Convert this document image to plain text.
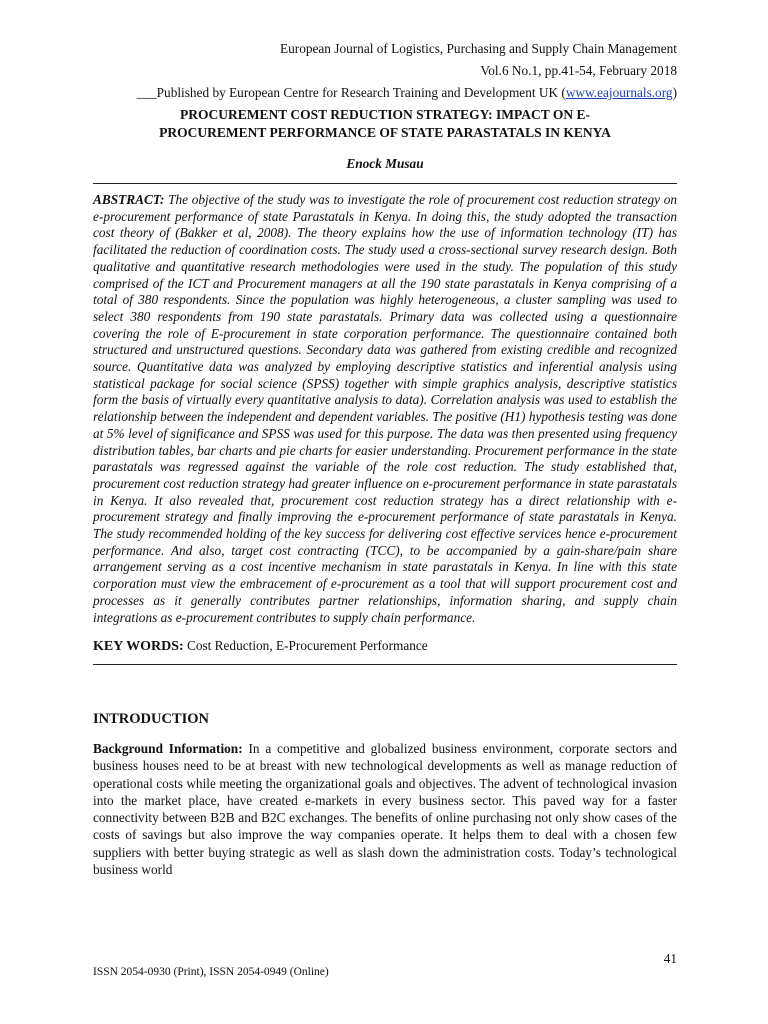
European Journal of Logistics, Purchasing and Supply Chain Management
Vol.6 No.1, pp.41-54, February 2018
___Published by European Centre for Research Training and Development UK (www.eajournals.org)
PROCUREMENT COST REDUCTION STRATEGY: IMPACT ON E-
PROCUREMENT PERFORMANCE OF STATE PARASTATALS IN KENYA
Enock Musau

ABSTRACT: The objective of the study was to investigate the role of procurement cost reduction strategy on e-procurement performance of state Parastatals in Kenya. In doing this, the study adopted the transaction cost theory of (Bakker et al, 2008). The theory explains how the use of information technology (IT) has facilitated the reduction of coordination costs. The study used a cross-sectional survey research design. Both qualitative and quantitative research methodologies were used in the study. The population of this study comprised of the ICT and Procurement managers at all the 190 state parastatals in Kenya comprising of a total of 380 respondents. Since the population was highly heterogeneous, a cluster sampling was used to select 380 respondents from 190 state parastatals. Primary data was collected using a questionnaire covering the role of E-procurement in state corporation performance. The questionnaire contained both structured and unstructured questions. Secondary data was gathered from existing credible and recognized source. Quantitative data was analyzed by employing descriptive statistics and inferential analysis using statistical package for social science (SPSS) together with simple graphics analysis, descriptive statistics form the basis of virtually every quantitative analysis to data). Correlation analysis was used to establish the relationship between the independent and dependent variables. The positive (H1) hypothesis testing was done at 5% level of significance and SPSS was used for this purpose. The data was then presented using frequency distribution tables, bar charts and pie charts for easier understanding. Procurement performance in the state parastatals was regressed against the variable of the role cost reduction. The study established that, procurement cost reduction strategy had greater influence on e-procurement performance in state parastatals in Kenya. It also revealed that, procurement cost reduction strategy has a direct relationship with e-procurement strategy and finally improving the e-procurement performance of state parastatals in Kenya. The study recommended holding of the key success for delivering cost effective services hence e-procurement performance. And also, target cost contracting (TCC), to be accompanied by a gain-share/pain share arrangement serving as a cost incentive mechanism in state parastatals in Kenya. In line with this state corporation must view the embracement of e-procurement as a tool that will support procurement cost and processes as it generally contributes partner relationships, information sharing, and supply chain integrations as e-procurement contributes to supply chain performance.

KEY WORDS: Cost Reduction, E-Procurement Performance
INTRODUCTION

Background Information: In a competitive and globalized business environment, corporate sectors and business houses need to be at breast with new technological developments as well as manage reduction of operational costs while meeting the organizational goals and objectives. The advent of technological invasion into the market place, have created e-markets in every business sector. This paved way for a faster connectivity between B2B and B2C exchanges. The benefits of online purchasing not only show cases of the costs of savings but also improve the way companies operate. It helps them to deal with a chosen few suppliers with better buying strategic as well as slash down the administration costs. Today’s technological business world

41
ISSN 2054-0930 (Print), ISSN 2054-0949 (Online)
